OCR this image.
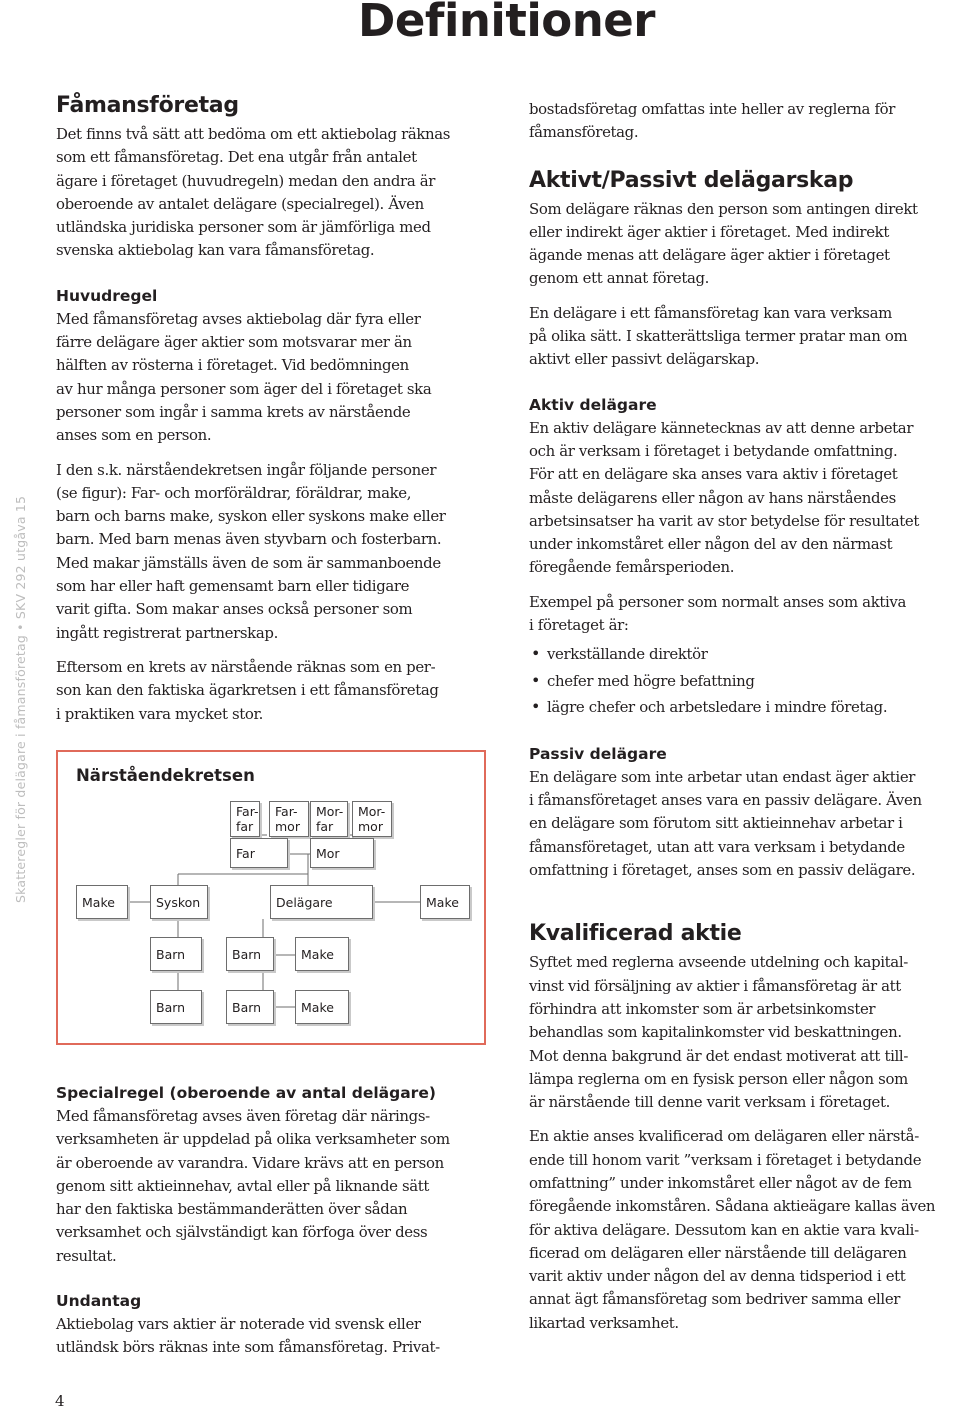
Definitioner
Skatteregler för delägare i fåmansföretag • SKV 292 utgåva 15
4
Fåmansföretag

Det finns två sätt att bedöma om ett aktiebolag räknas
som ett fåmansföretag. Det ena utgår från antalet
ägare i företaget (huvudregeln) medan den andra är
oberoende av antalet delägare (specialregel). Även
utländska juridiska personer som är jämförliga med
svenska aktiebolag kan vara fåmansföretag.

Huvudregel

Med fåmansföretag avses aktiebolag där fyra eller
färre delägare äger aktier som motsvarar mer än
hälften av rösterna i företaget. Vid bedömningen
av hur många personer som äger del i företaget ska
personer som ingår i samma krets av närstående
anses som en person.

I den s.k. närståendekretsen ingår följande personer
(se figur): Far- och morföräldrar, föräldrar, make,
barn och barns make, syskon eller syskons make eller
barn. Med barn menas även styvbarn och fosterbarn.
Med makar jämställs även de som är sammanboende
som har eller haft gemensamt barn eller tidigare
varit gifta. Som makar anses också personer som
ingått registrerat partnerskap.

Eftersom en krets av närstående räknas som en per-
son kan den faktiska ägarkretsen i ett fåmansföretag
i praktiken vara mycket stor.

Närståendekretsen
Far-
far
Far-
mor
Mor-
far
Mor-
mor
Far	Mor
Make	Syskon	Delägare	Make
Barn	Barn	Make
Barn	Barn	Make
Specialregel (oberoende av antal delägare)

Med fåmansföretag avses även företag där närings-
verksamheten är uppdelad på olika verksamheter som
är oberoende av varandra. Vidare krävs att en person
genom sitt aktieinnehav, avtal eller på liknande sätt
har den faktiska bestämmanderätten över sådan
verksamhet och självständigt kan förfoga över dess
resultat.

Undantag

Aktiebolag vars aktier är noterade vid svensk eller
utländsk börs räknas inte som fåmansföretag. Privat-

bostadsföretag omfattas inte heller av reglerna för
fåmansföretag.

Aktivt/Passivt delägarskap

Som delägare räknas den person som antingen direkt
eller indirekt äger aktier i företaget. Med indirekt
ägande menas att delägare äger aktier i företaget
genom ett annat företag.

En delägare i ett fåmansföretag kan vara verksam
på olika sätt. I skatterättsliga termer pratar man om
aktivt eller passivt delägarskap.

Aktiv delägare

En aktiv delägare kännetecknas av att denne arbetar
och är verksam i företaget i betydande omfattning.
För att en delägare ska anses vara aktiv i företaget
måste delägarens eller någon av hans närståendes
arbetsinsatser ha varit av stor betydelse för resultatet
under inkomståret eller någon del av den närmast
föregående femårsperioden.

Exempel på personer som normalt anses som aktiva
i företaget är:

• verkställande direktör
• chefer med högre befattning
• lägre chefer och arbetsledare i mindre företag.
Passiv delägare

En delägare som inte arbetar utan endast äger aktier
i fåmansföretaget anses vara en passiv delägare. Även
en delägare som förutom sitt aktieinnehav arbetar i
fåmansföretaget, utan att vara verksam i betydande
omfattning i företaget, anses som en passiv delägare.

Kvalificerad aktie

Syftet med reglerna avseende utdelning och kapital-
vinst vid försäljning av aktier i fåmansföretag är att
förhindra att inkomster som är arbetsinkomster
behandlas som kapitalinkomster vid beskattningen.
Mot denna bakgrund är det endast motiverat att till-
lämpa reglerna om en fysisk person eller någon som
är närstående till denne varit verksam i företaget.

En aktie anses kvalificerad om delägaren eller närstå-
ende till honom varit ”verksam i företaget i betydande
omfattning” under inkomståret eller något av de fem
föregående inkomståren. Sådana aktieägare kallas även
för aktiva delägare. Dessutom kan en aktie vara kvali-
ficerad om delägaren eller närstående till delägaren
varit aktiv under någon del av denna tidsperiod i ett
annat ägt fåmansföretag som bedriver samma eller
likartad verksamhet.
